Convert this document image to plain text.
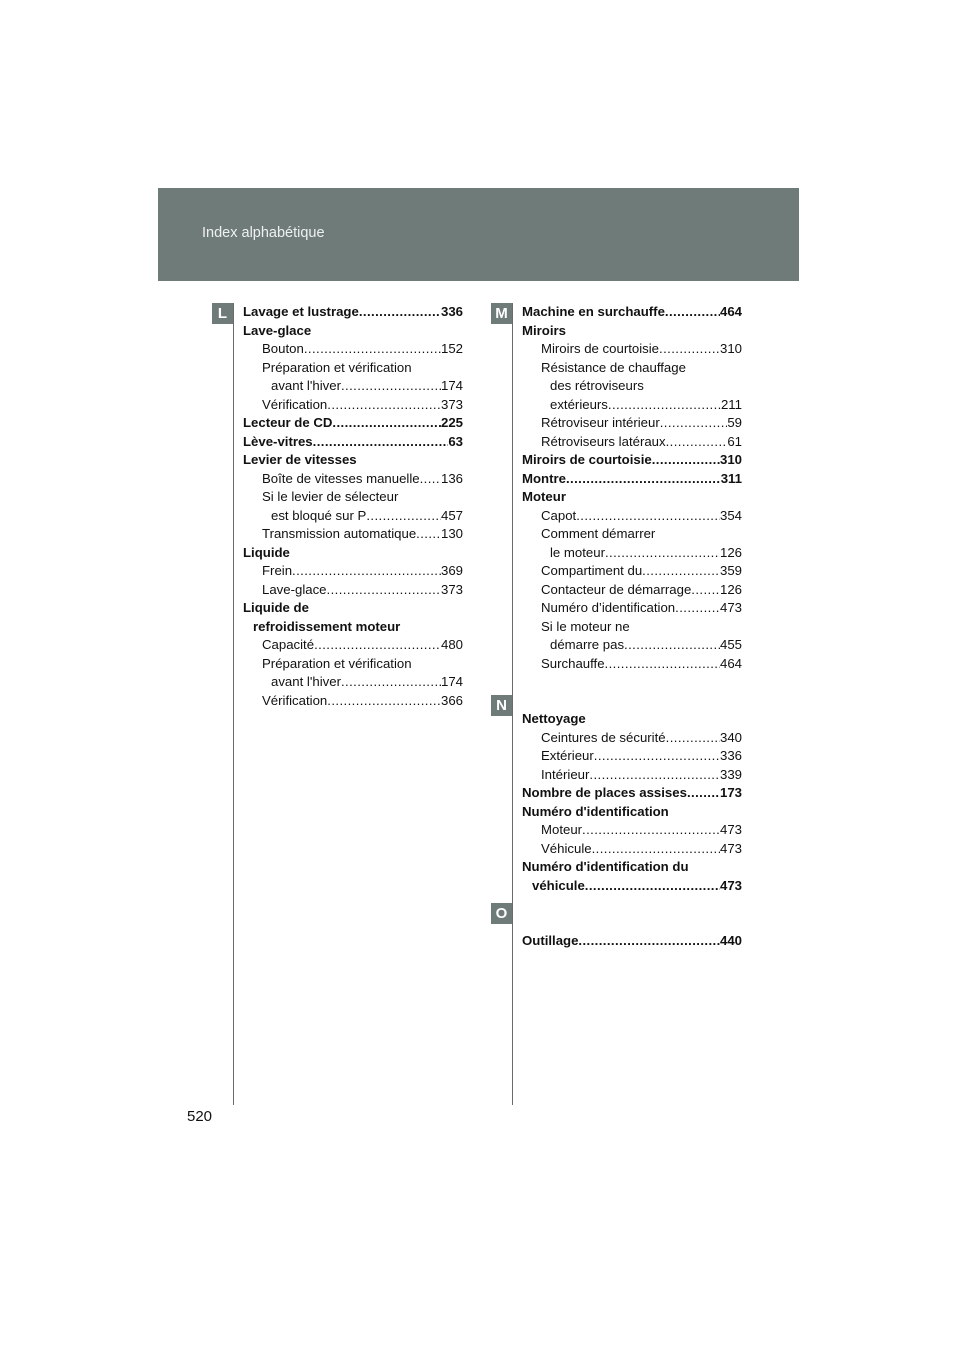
Index alphabétique
L	M
N
O
Lavage et lustrage .....	336
Lave-glace
Bouton .....	152
Préparation et vérification
avant l'hiver .....	174
Vérification .....	373
Lecteur de CD .....	225
Lève-vitres .....	63
Levier de vitesses
Boîte de vitesses manuelle ..... 136
Si le levier de sélecteur
est bloqué sur P .....	457
Transmission automatique ..... 130
Liquide
Frein .....	369
Lave-glace .....	373
Liquide de
refroidissement moteur
Capacité .....	480
Préparation et vérification
avant l'hiver .....	174
Vérification .....	366
Machine en surchauffe .....	464
Miroirs
Miroirs de courtoisie .....	310
Résistance de chauffage
des rétroviseurs
extérieurs .....	211
Rétroviseur intérieur .....	59
Rétroviseurs latéraux .....	61
Miroirs de courtoisie .....	310
Montre .....	311
Moteur
Capot .....	354
Comment démarrer
le moteur .....	126
Compartiment du .....	359
Contacteur de démarrage ..... 126
Numéro d’identification .....	473
Si le moteur ne
démarre pas .....	455
Surchauffe .....	464
Nettoyage
Ceintures de sécurité .....	340
Extérieur .....	336
Intérieur .....	339
Nombre de places assises .....	173
Numéro d'identification
Moteur .....	473
Véhicule .....	473
Numéro d'identification du
véhicule .....	473
Outillage .....	440
520
